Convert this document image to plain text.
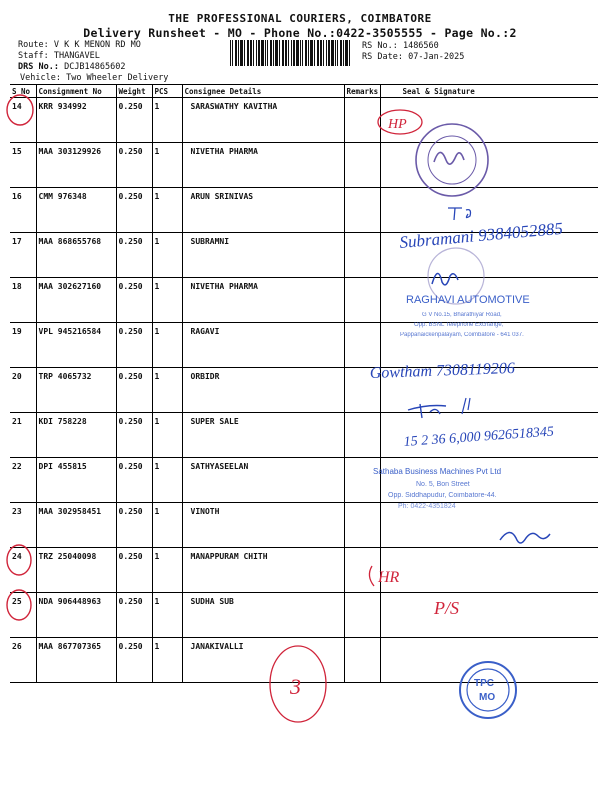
THE PROFESSIONAL COURIERS, COIMBATORE
Delivery Runsheet - MO - Phone No.:0422-3505555 - Page No.:2
Route: V K K MENON RD MO
Staff: THANGAVEL
DRS No.: DCJB14865602
Vehicle: Two Wheeler Delivery
RS No.: 1486560
RS Date: 07-Jan-2025
S No	Consignment No	Weight	PCS	Consignee Details	Remarks	Seal & Signature
14	KRR 934992	0.250	1	SARASWATHY KAVITHA		
15	MAA 303129926	0.250	1	NIVETHA PHARMA		
16	CMM 976348	0.250	1	ARUN SRINIVAS		
17	MAA 868655768	0.250	1	SUBRAMNI		
18	MAA 302627160	0.250	1	NIVETHA PHARMA		
19	VPL 945216584	0.250	1	RAGAVI		
20	TRP 4065732	0.250	1	ORBIDR		
21	KDI 758228	0.250	1	SUPER SALE		
22	DPI 455815	0.250	1	SATHYASEELAN		
23	MAA 302958451	0.250	1	VINOTH		
24	TRZ 25040098	0.250	1	MANAPPURAM CHITH		
25	NDA 906448963	0.250	1	SUDHA SUB		
26	MAA 867707365	0.250	1	JANAKIVALLI		
HP
Subramani 9384052885
RAGHAVI AUTOMOTIVE
G V No.15, Bharathiyar Road,
Opp. BSNL Telephone Exchange,
Pappanaickenpalayam, Coimbatore - 641 037.
Gowtham 7308119206
15 2 36 6,000 9626518345
Sathaba Business Machines Pvt Ltd
No. 5, Bon Street
Opp. Siddhapudur, Coimbatore-44.
Ph: 0422-4351824
HR
P/S
3	TPC
MO
